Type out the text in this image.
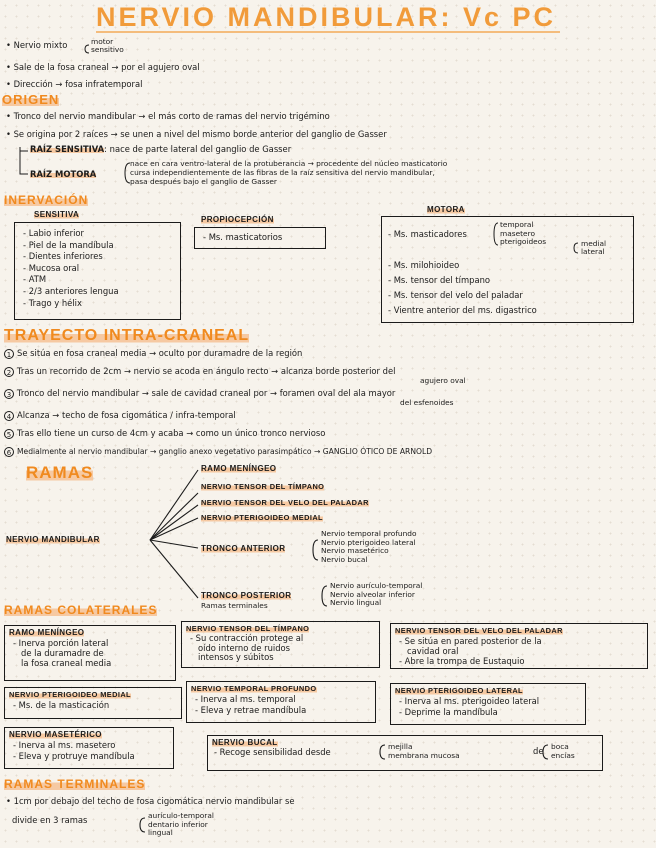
NERVIO MANDIBULAR: Vc PC
• Nervio mixto	motor
sensitivo
• Sale de la fosa craneal → por el agujero oval
• Dirección → fosa infratemporal
ORIGEN
• Tronco del nervio mandibular → el más corto de ramas del nervio trigémino
• Se origina por 2 raíces → se unen a nivel del mismo borde anterior del ganglio de Gasser
RAÍZ SENSITIVA: nace de parte lateral del ganglio de Gasser
RAÍZ MOTORA
nace en cara ventro-lateral de la protuberancia → procedente del núcleo masticatorio
cursa independientemente de las fibras de la raíz sensitiva del nervio mandibular,
pasa después bajo el ganglio de Gasser
INERVACIÓN
SENSITIVA
- Labio inferior
- Piel de la mandíbula
- Dientes inferiores
- Mucosa oral
- ATM
- 2/3 anteriores lengua
- Trago y hélix
PROPIOCEPCIÓN
- Ms. masticatorios
MOTORA
- Ms. masticadores
temporal
masetero
pterigoideos	medial
lateral
- Ms. milohioideo
- Ms. tensor del tímpano
- Ms. tensor del velo del paladar
- Vientre anterior del ms. digastrico
TRAYECTO INTRA-CRANEAL
1 Se sitúa en fosa craneal media → oculto por duramadre de la región
2 Tras un recorrido de 2cm → nervio se acoda en ángulo recto → alcanza borde posterior del
agujero oval
3 Tronco del nervio mandibular → sale de cavidad craneal por → foramen oval del ala mayor
del esfenoides
4 Alcanza → techo de fosa cigomática / infra-temporal
5 Tras ello tiene un curso de 4cm y acaba → como un único tronco nervioso
6 Medialmente al nervio mandibular → ganglio anexo vegetativo parasimpático → GANGLIO ÓTICO DE ARNOLD
RAMAS
NERVIO MANDIBULAR
RAMO MENÍNGEO
NERVIO TENSOR DEL TÍMPANO
NERVIO TENSOR DEL VELO DEL PALADAR
NERVIO PTERIGOIDEO MEDIAL
TRONCO ANTERIOR
Nervio temporal profundo
Nervio pterigoideo lateral
Nervio masetérico
Nervio bucal
TRONCO POSTERIOR
Ramas terminales
Nervio aurículo-temporal
Nervio alveolar inferior
Nervio lingual
RAMAS COLATERALES
RAMO MENÍNGEO
- Inerva porción lateral
de la duramadre de
la fosa craneal media
NERVIO TENSOR DEL TÍMPANO
- Su contracción protege al
oído interno de ruidos
intensos y súbitos
NERVIO TENSOR DEL VELO DEL PALADAR
- Se sitúa en pared posterior de la
cavidad oral
- Abre la trompa de Eustaquio
NERVIO PTERIGOIDEO MEDIAL
- Ms. de la masticación
NERVIO TEMPORAL PROFUNDO
- Inerva al ms. temporal
- Eleva y retrae mandíbula
NERVIO PTERIGOIDEO LATERAL
- Inerva al ms. pterigoideo lateral
- Deprime la mandíbula
NERVIO MASETÉRICO
- Inerva al ms. masetero
- Eleva y protruye mandíbula
NERVIO BUCAL
- Recoge sensibilidad desde
mejilla
membrana mucosa	de boca
encías
RAMAS TERMINALES
• 1cm por debajo del techo de fosa cigomática nervio mandibular se
divide en 3 ramas	aurículo-temporal
dentario inferior
lingual
